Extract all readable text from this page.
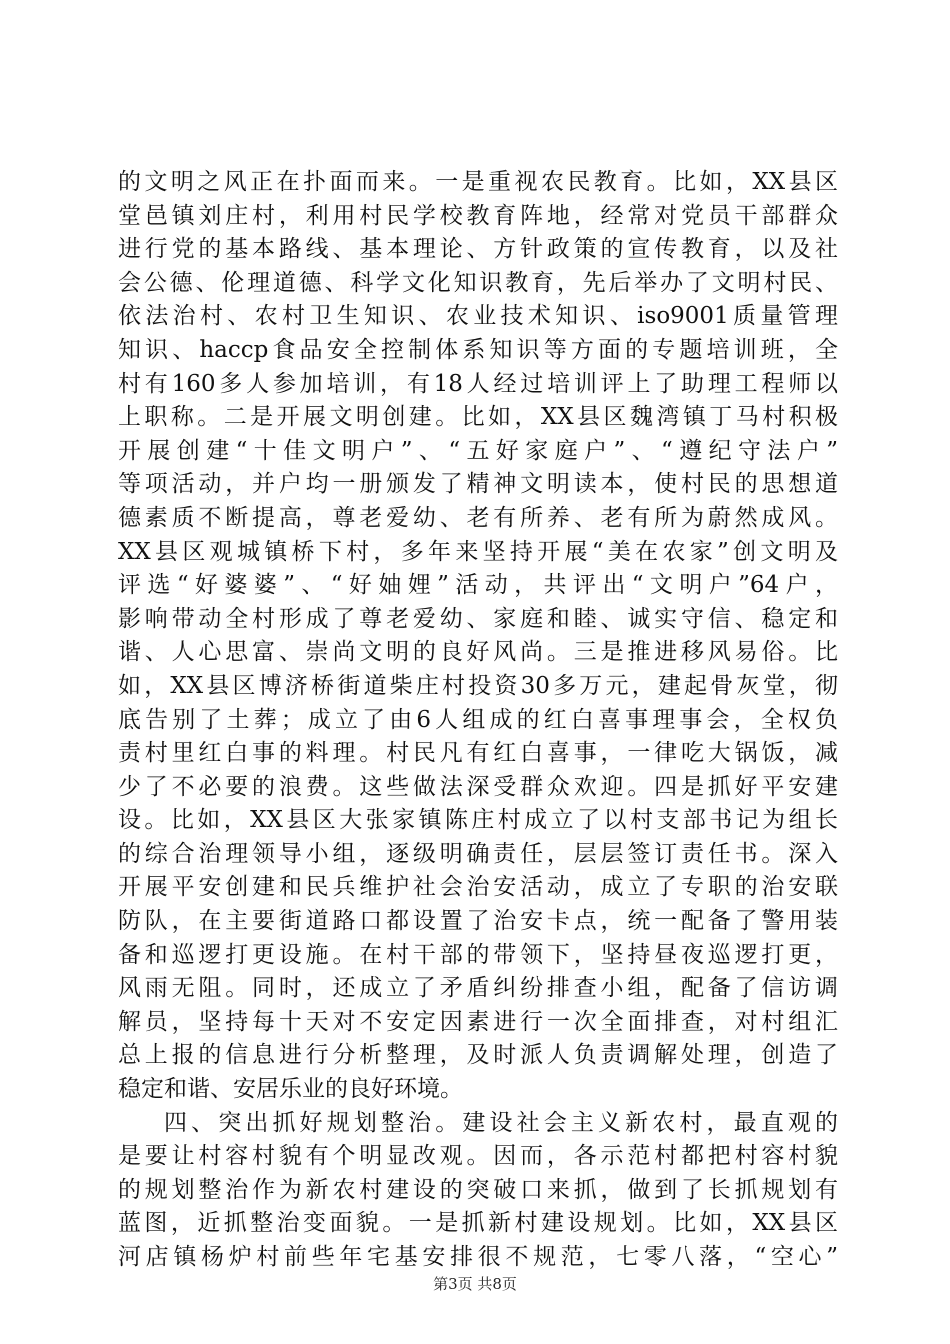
的文明之风正在扑面而来。一是重视农民教育。比如，XX县区
堂邑镇刘庄村，利用村民学校教育阵地，经常对党员干部群众
进行党的基本路线、基本理论、方针政策的宣传教育，以及社
会公德、伦理道德、科学文化知识教育，先后举办了文明村民、
依法治村、农村卫生知识、农业技术知识、iso9001质量管理
知识、haccp食品安全控制体系知识等方面的专题培训班，全
村有160多人参加培训，有18人经过培训评上了助理工程师以
上职称。二是开展文明创建。比如，XX县区魏湾镇丁马村积极
开展创建“十佳文明户”、“五好家庭户”、“遵纪守法户”
等项活动，并户均一册颁发了精神文明读本，使村民的思想道
德素质不断提高，尊老爱幼、老有所养、老有所为蔚然成风。
XX县区观城镇桥下村，多年来坚持开展“美在农家”创文明及
评选“好婆婆”、“好妯娌”活动，共评出“文明户”64户，
影响带动全村形成了尊老爱幼、家庭和睦、诚实守信、稳定和
谐、人心思富、崇尚文明的良好风尚。三是推进移风易俗。比
如，XX县区博济桥街道柴庄村投资30多万元，建起骨灰堂，彻
底告别了土葬；成立了由6人组成的红白喜事理事会，全权负
责村里红白事的料理。村民凡有红白喜事，一律吃大锅饭，减
少了不必要的浪费。这些做法深受群众欢迎。四是抓好平安建
设。比如，XX县区大张家镇陈庄村成立了以村支部书记为组长
的综合治理领导小组，逐级明确责任，层层签订责任书。深入
开展平安创建和民兵维护社会治安活动，成立了专职的治安联
防队，在主要街道路口都设置了治安卡点，统一配备了警用装
备和巡逻打更设施。在村干部的带领下，坚持昼夜巡逻打更，
风雨无阻。同时，还成立了矛盾纠纷排查小组，配备了信访调
解员，坚持每十天对不安定因素进行一次全面排查，对村组汇
总上报的信息进行分析整理，及时派人负责调解处理，创造了
稳定和谐、安居乐业的良好环境。
四、突出抓好规划整治。建设社会主义新农村，最直观的
是要让村容村貌有个明显改观。因而，各示范村都把村容村貌
的规划整治作为新农村建设的突破口来抓，做到了长抓规划有
蓝图，近抓整治变面貌。一是抓新村建设规划。比如，XX县区
河店镇杨炉村前些年宅基安排很不规范，七零八落，“空心”
第3页 共8页
